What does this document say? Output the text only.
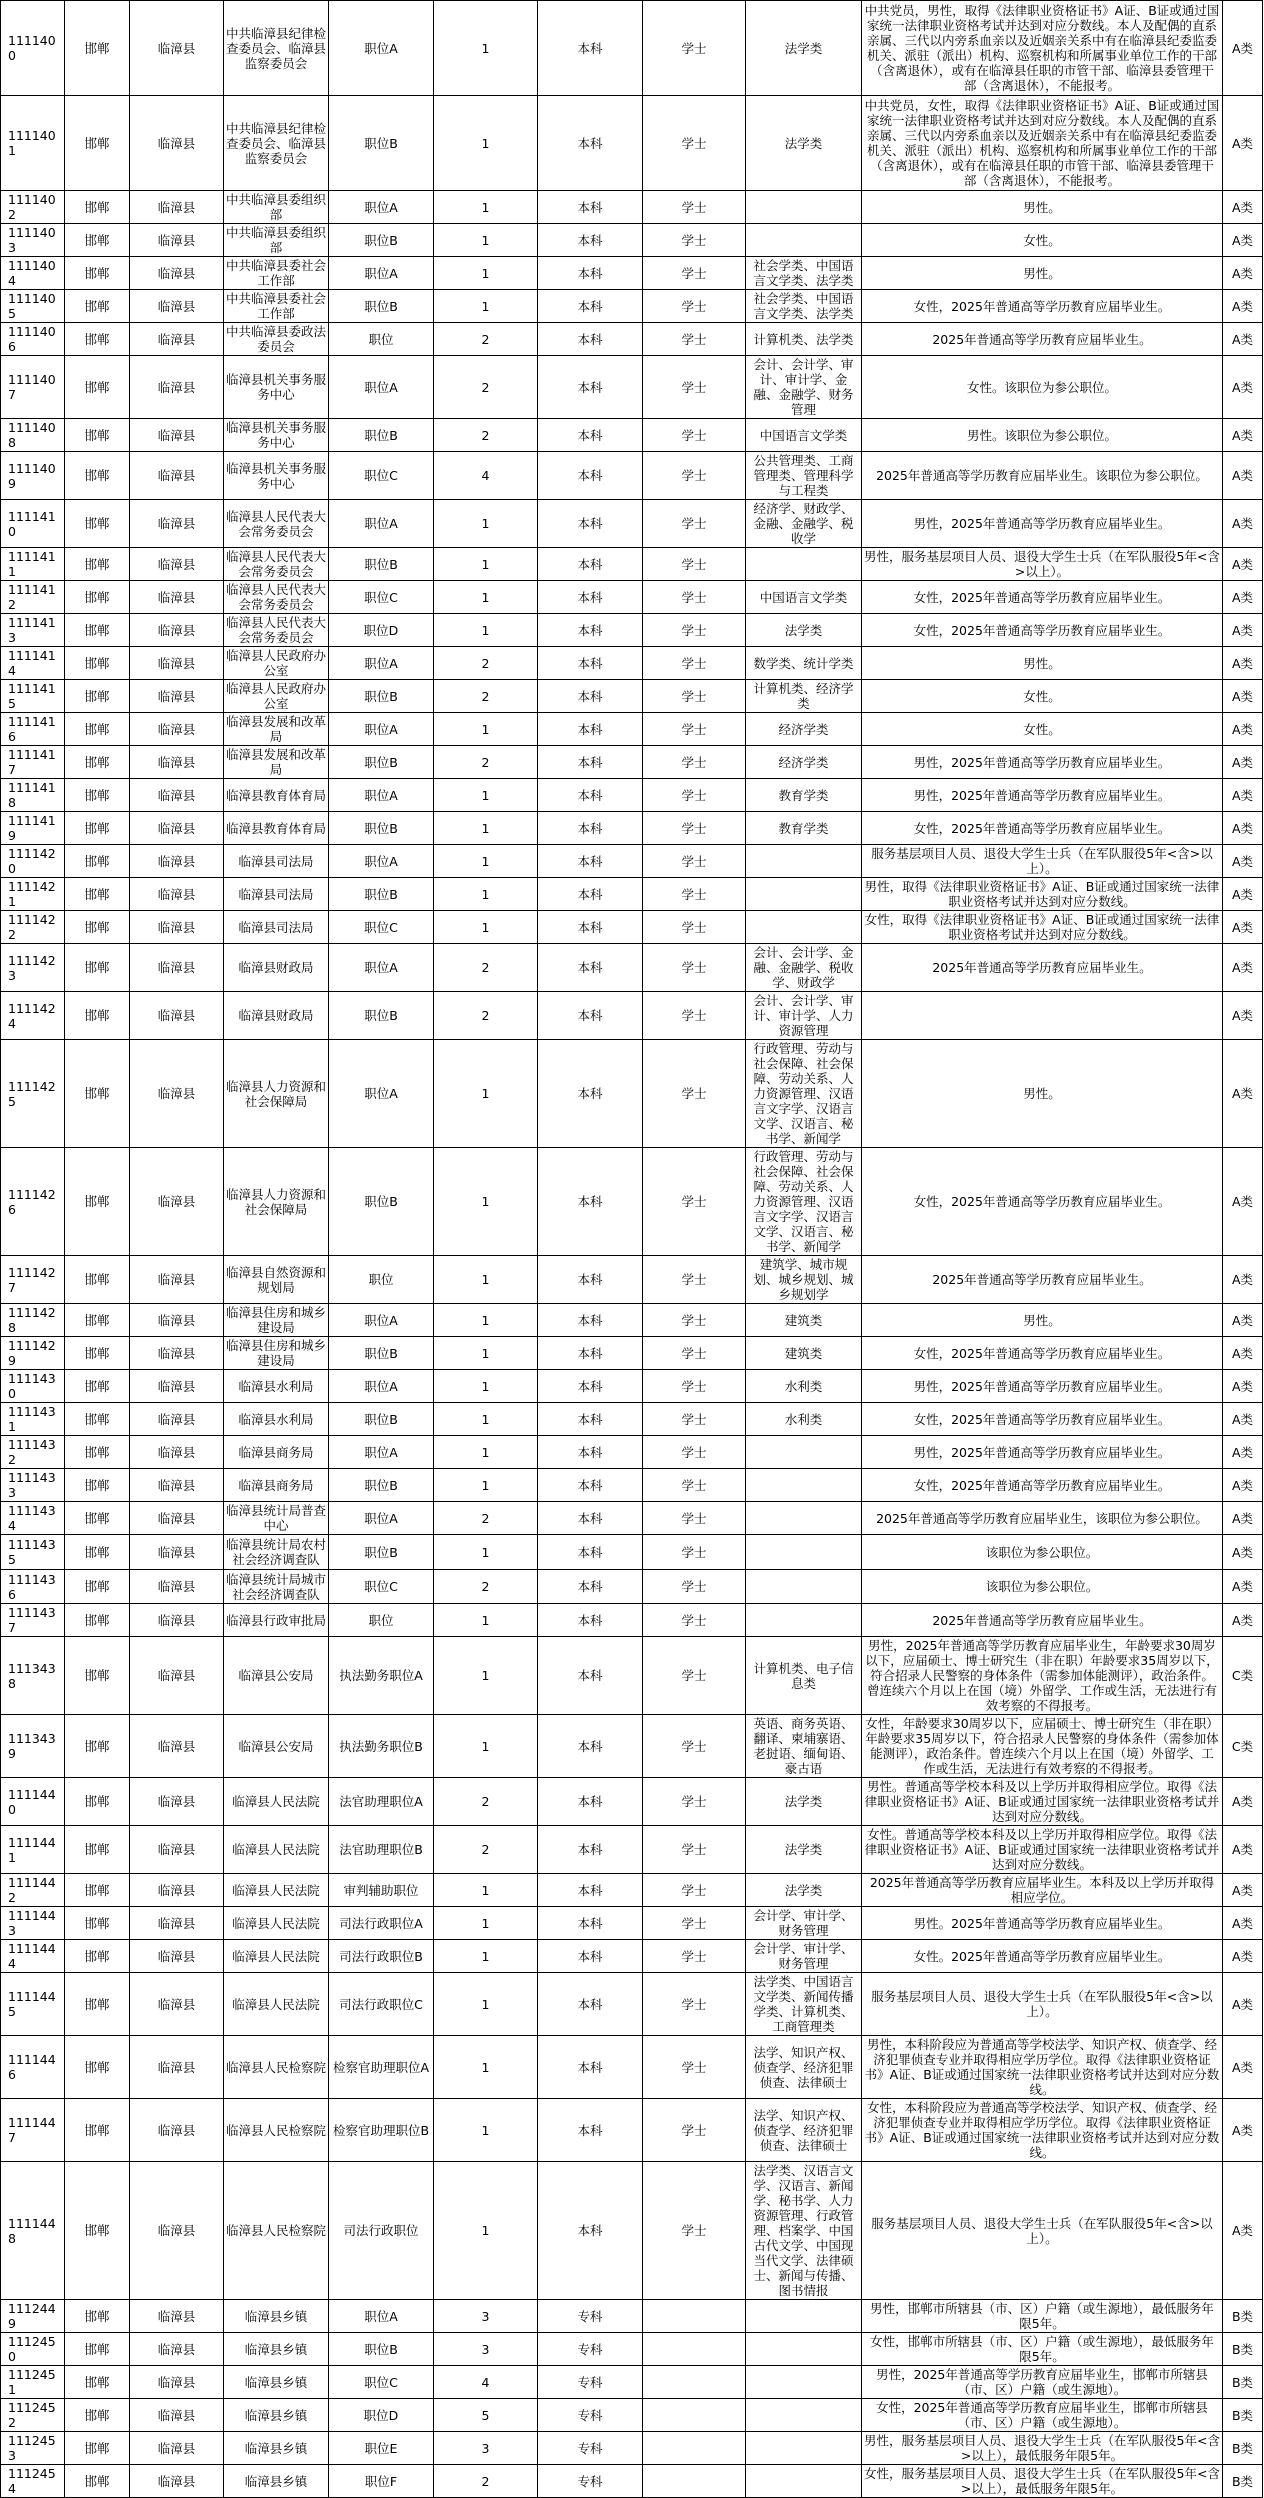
1111400	邯郸	临漳县	中共临漳县纪律检查委员会、临漳县监察委员会	职位A	1	本科	学士	法学类	中共党员，男性，取得《法律职业资格证书》A证、B证或通过国家统一法律职业资格考试并达到对应分数线。本人及配偶的直系亲属、三代以内旁系血亲以及近姻亲关系中有在临漳县纪委监委机关、派驻（派出）机构、巡察机构和所属事业单位工作的干部（含离退休），或有在临漳县任职的市管干部、临漳县委管理干部（含离退休），不能报考。	A类
1111401	邯郸	临漳县	中共临漳县纪律检查委员会、临漳县监察委员会	职位B	1	本科	学士	法学类	中共党员，女性，取得《法律职业资格证书》A证、B证或通过国家统一法律职业资格考试并达到对应分数线。本人及配偶的直系亲属、三代以内旁系血亲以及近姻亲关系中有在临漳县纪委监委机关、派驻（派出）机构、巡察机构和所属事业单位工作的干部（含离退休），或有在临漳县任职的市管干部、临漳县委管理干部（含离退休），不能报考。	A类
1111402	邯郸	临漳县	中共临漳县委组织部	职位A	1	本科	学士		男性。	A类
1111403	邯郸	临漳县	中共临漳县委组织部	职位B	1	本科	学士		女性。	A类
1111404	邯郸	临漳县	中共临漳县委社会工作部	职位A	1	本科	学士	社会学类、中国语言文学类、法学类	男性。	A类
1111405	邯郸	临漳县	中共临漳县委社会工作部	职位B	1	本科	学士	社会学类、中国语言文学类、法学类	女性，2025年普通高等学历教育应届毕业生。	A类
1111406	邯郸	临漳县	中共临漳县委政法委员会	职位	2	本科	学士	计算机类、法学类	2025年普通高等学历教育应届毕业生。	A类
1111407	邯郸	临漳县	临漳县机关事务服务中心	职位A	2	本科	学士	会计、会计学、审计、审计学、金融、金融学、财务管理	女性。该职位为参公职位。	A类
1111408	邯郸	临漳县	临漳县机关事务服务中心	职位B	2	本科	学士	中国语言文学类	男性。该职位为参公职位。	A类
1111409	邯郸	临漳县	临漳县机关事务服务中心	职位C	4	本科	学士	公共管理类、工商管理类、管理科学与工程类	2025年普通高等学历教育应届毕业生。该职位为参公职位。	A类
1111410	邯郸	临漳县	临漳县人民代表大会常务委员会	职位A	1	本科	学士	经济学、财政学、金融、金融学、税收学	男性，2025年普通高等学历教育应届毕业生。	A类
1111411	邯郸	临漳县	临漳县人民代表大会常务委员会	职位B	1	本科	学士		男性，服务基层项目人员、退役大学生士兵（在军队服役5年<含>以上）。	A类
1111412	邯郸	临漳县	临漳县人民代表大会常务委员会	职位C	1	本科	学士	中国语言文学类	女性，2025年普通高等学历教育应届毕业生。	A类
1111413	邯郸	临漳县	临漳县人民代表大会常务委员会	职位D	1	本科	学士	法学类	女性，2025年普通高等学历教育应届毕业生。	A类
1111414	邯郸	临漳县	临漳县人民政府办公室	职位A	2	本科	学士	数学类、统计学类	男性。	A类
1111415	邯郸	临漳县	临漳县人民政府办公室	职位B	2	本科	学士	计算机类、经济学类	女性。	A类
1111416	邯郸	临漳县	临漳县发展和改革局	职位A	1	本科	学士	经济学类	女性。	A类
1111417	邯郸	临漳县	临漳县发展和改革局	职位B	2	本科	学士	经济学类	男性，2025年普通高等学历教育应届毕业生。	A类
1111418	邯郸	临漳县	临漳县教育体育局	职位A	1	本科	学士	教育学类	男性，2025年普通高等学历教育应届毕业生。	A类
1111419	邯郸	临漳县	临漳县教育体育局	职位B	1	本科	学士	教育学类	女性，2025年普通高等学历教育应届毕业生。	A类
1111420	邯郸	临漳县	临漳县司法局	职位A	1	本科	学士		服务基层项目人员、退役大学生士兵（在军队服役5年<含>以上）。	A类
1111421	邯郸	临漳县	临漳县司法局	职位B	1	本科	学士		男性，取得《法律职业资格证书》A证、B证或通过国家统一法律职业资格考试并达到对应分数线。	A类
1111422	邯郸	临漳县	临漳县司法局	职位C	1	本科	学士		女性，取得《法律职业资格证书》A证、B证或通过国家统一法律职业资格考试并达到对应分数线。	A类
1111423	邯郸	临漳县	临漳县财政局	职位A	2	本科	学士	会计、会计学、金融、金融学、税收学、财政学	2025年普通高等学历教育应届毕业生。	A类
1111424	邯郸	临漳县	临漳县财政局	职位B	2	本科	学士	会计、会计学、审计、审计学、人力资源管理		A类
1111425	邯郸	临漳县	临漳县人力资源和社会保障局	职位A	1	本科	学士	行政管理、劳动与社会保障、社会保障、劳动关系、人力资源管理、汉语言文字学、汉语言文学、汉语言、秘书学、新闻学	男性。	A类
1111426	邯郸	临漳县	临漳县人力资源和社会保障局	职位B	1	本科	学士	行政管理、劳动与社会保障、社会保障、劳动关系、人力资源管理、汉语言文字学、汉语言文学、汉语言、秘书学、新闻学	女性，2025年普通高等学历教育应届毕业生。	A类
1111427	邯郸	临漳县	临漳县自然资源和规划局	职位	1	本科	学士	建筑学、城市规划、城乡规划、城乡规划学	2025年普通高等学历教育应届毕业生。	A类
1111428	邯郸	临漳县	临漳县住房和城乡建设局	职位A	1	本科	学士	建筑类	男性。	A类
1111429	邯郸	临漳县	临漳县住房和城乡建设局	职位B	1	本科	学士	建筑类	女性，2025年普通高等学历教育应届毕业生。	A类
1111430	邯郸	临漳县	临漳县水利局	职位A	1	本科	学士	水利类	男性，2025年普通高等学历教育应届毕业生。	A类
1111431	邯郸	临漳县	临漳县水利局	职位B	1	本科	学士	水利类	女性，2025年普通高等学历教育应届毕业生。	A类
1111432	邯郸	临漳县	临漳县商务局	职位A	1	本科	学士		男性，2025年普通高等学历教育应届毕业生。	A类
1111433	邯郸	临漳县	临漳县商务局	职位B	1	本科	学士		女性，2025年普通高等学历教育应届毕业生。	A类
1111434	邯郸	临漳县	临漳县统计局普查中心	职位A	2	本科	学士		2025年普通高等学历教育应届毕业生，该职位为参公职位。	A类
1111435	邯郸	临漳县	临漳县统计局农村社会经济调查队	职位B	1	本科	学士		该职位为参公职位。	A类
1111436	邯郸	临漳县	临漳县统计局城市社会经济调查队	职位C	2	本科	学士		该职位为参公职位。	A类
1111437	邯郸	临漳县	临漳县行政审批局	职位	1	本科	学士		2025年普通高等学历教育应届毕业生。	A类
1113438	邯郸	临漳县	临漳县公安局	执法勤务职位A	1	本科	学士	计算机类、电子信息类	男性，2025年普通高等学历教育应届毕业生，年龄要求30周岁以下，应届硕士、博士研究生（非在职）年龄要求35周岁以下，符合招录人民警察的身体条件（需参加体能测评），政治条件。曾连续六个月以上在国（境）外留学、工作或生活，无法进行有效考察的不得报考。	C类
1113439	邯郸	临漳县	临漳县公安局	执法勤务职位B	1	本科	学士	英语、商务英语、翻译、柬埔寨语、老挝语、缅甸语、豪古语	女性，年龄要求30周岁以下，应届硕士、博士研究生（非在职）年龄要求35周岁以下，符合招录人民警察的身体条件（需参加体能测评），政治条件。曾连续六个月以上在国（境）外留学、工作或生活，无法进行有效考察的不得报考。	C类
1111440	邯郸	临漳县	临漳县人民法院	法官助理职位A	2	本科	学士	法学类	男性。普通高等学校本科及以上学历并取得相应学位。取得《法律职业资格证书》A证、B证或通过国家统一法律职业资格考试并达到对应分数线。	A类
1111441	邯郸	临漳县	临漳县人民法院	法官助理职位B	2	本科	学士	法学类	女性。普通高等学校本科及以上学历并取得相应学位。取得《法律职业资格证书》A证、B证或通过国家统一法律职业资格考试并达到对应分数线。	A类
1111442	邯郸	临漳县	临漳县人民法院	审判辅助职位	1	本科	学士	法学类	2025年普通高等学历教育应届毕业生。本科及以上学历并取得相应学位。	A类
1111443	邯郸	临漳县	临漳县人民法院	司法行政职位A	1	本科	学士	会计学、审计学、财务管理	男性。2025年普通高等学历教育应届毕业生。	A类
1111444	邯郸	临漳县	临漳县人民法院	司法行政职位B	1	本科	学士	会计学、审计学、财务管理	女性。2025年普通高等学历教育应届毕业生。	A类
1111445	邯郸	临漳县	临漳县人民法院	司法行政职位C	1	本科	学士	法学类、中国语言文学类、新闻传播学类、计算机类、工商管理类	服务基层项目人员、退役大学生士兵（在军队服役5年<含>以上）。	A类
1111446	邯郸	临漳县	临漳县人民检察院	检察官助理职位A	1	本科	学士	法学、知识产权、侦查学、经济犯罪侦查、法律硕士	男性，本科阶段应为普通高等学校法学、知识产权、侦查学、经济犯罪侦查专业并取得相应学历学位。取得《法律职业资格证书》A证、B证或通过国家统一法律职业资格考试并达到对应分数线。	A类
1111447	邯郸	临漳县	临漳县人民检察院	检察官助理职位B	1	本科	学士	法学、知识产权、侦查学、经济犯罪侦查、法律硕士	女性，本科阶段应为普通高等学校法学、知识产权、侦查学、经济犯罪侦查专业并取得相应学历学位。取得《法律职业资格证书》A证、B证或通过国家统一法律职业资格考试并达到对应分数线。	A类
1111448	邯郸	临漳县	临漳县人民检察院	司法行政职位	1	本科	学士	法学类、汉语言文学、汉语言、新闻学、秘书学、人力资源管理、行政管理、档案学、中国古代文学、中国现当代文学、法律硕士、新闻与传播、图书情报	服务基层项目人员、退役大学生士兵（在军队服役5年<含>以上）。	A类
1112449	邯郸	临漳县	临漳县乡镇	职位A	3	专科			男性，邯郸市所辖县（市、区）户籍（或生源地），最低服务年限5年。	B类
1112450	邯郸	临漳县	临漳县乡镇	职位B	3	专科			女性，邯郸市所辖县（市、区）户籍（或生源地），最低服务年限5年。	B类
1112451	邯郸	临漳县	临漳县乡镇	职位C	4	专科			男性，2025年普通高等学历教育应届毕业生，邯郸市所辖县（市、区）户籍（或生源地）。	B类
1112452	邯郸	临漳县	临漳县乡镇	职位D	5	专科			女性，2025年普通高等学历教育应届毕业生，邯郸市所辖县（市、区）户籍（或生源地）。	B类
1112453	邯郸	临漳县	临漳县乡镇	职位E	3	专科			男性，服务基层项目人员、退役大学生士兵（在军队服役5年<含>以上），最低服务年限5年。	B类
1112454	邯郸	临漳县	临漳县乡镇	职位F	2	专科			女性，服务基层项目人员、退役大学生士兵（在军队服役5年<含>以上），最低服务年限5年。	B类
